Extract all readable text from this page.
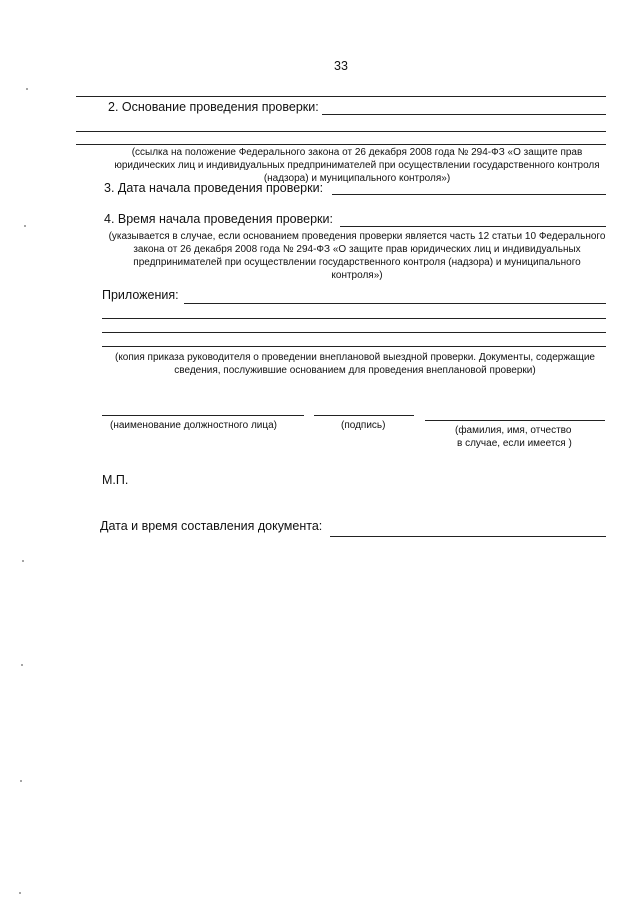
33
2. Основание проведения проверки:
(ссылка на положение Федерального закона от 26 декабря 2008 года № 294-ФЗ «О защите прав юридических лиц и индивидуальных предпринимателей при осуществлении государственного контроля (надзора) и муниципального контроля»)
3. Дата начала проведения проверки:
4. Время начала проведения проверки:
(указывается в случае, если основанием проведения проверки является часть 12 статьи 10 Федерального закона от 26 декабря 2008 года № 294-ФЗ «О защите прав юридических лиц и индивидуальных предпринимателей при осуществлении государственного контроля (надзора) и муниципального контроля»)
Приложения:
(копия приказа руководителя о проведении внеплановой выездной проверки. Документы, содержащие сведения, послужившие основанием для проведения внеплановой проверки)
(наименование должностного лица)	(подпись)	(фамилия, имя, отчество
в случае, если имеется )
М.П.
Дата и время составления документа:
